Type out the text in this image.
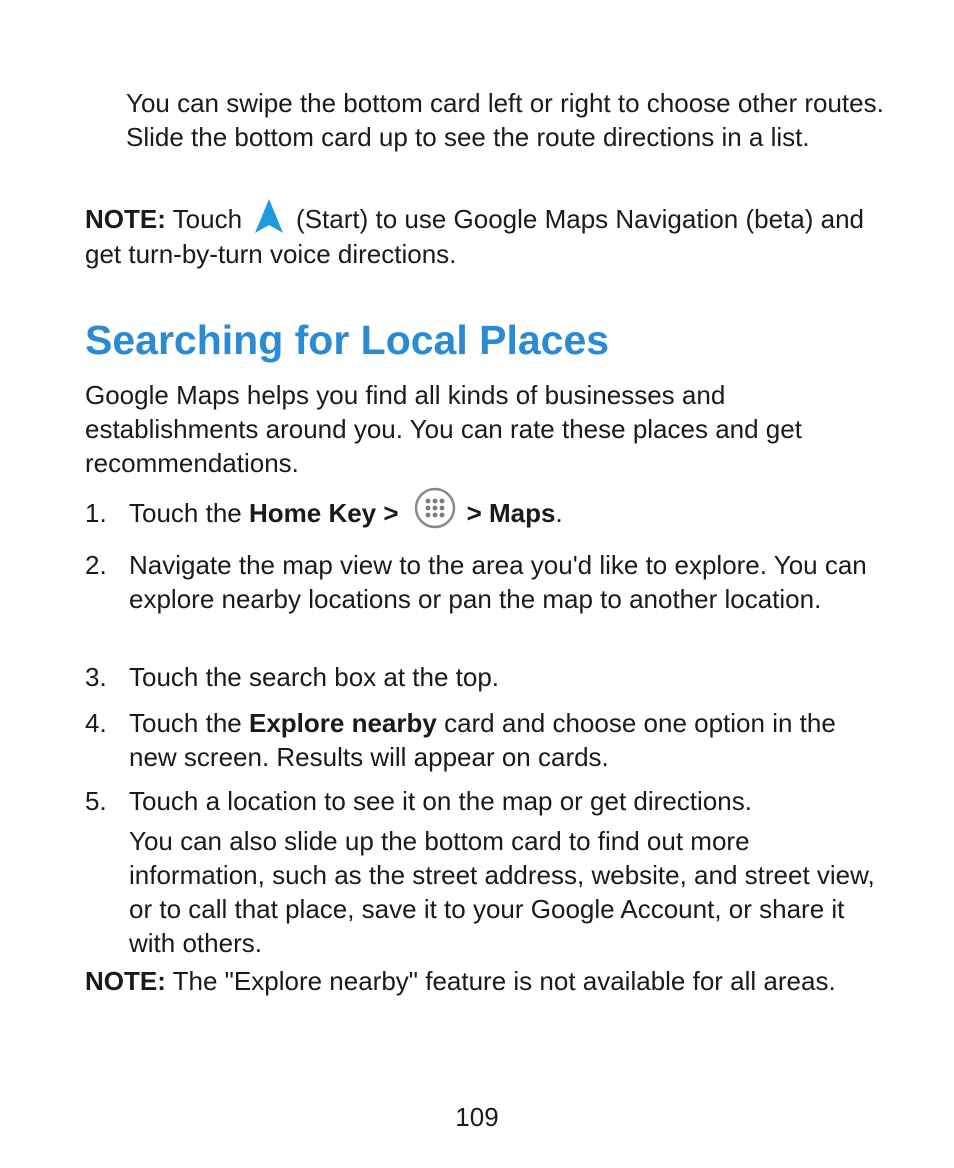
You can swipe the bottom card left or right to choose other routes. Slide the bottom card up to see the route directions in a list.

NOTE: Touch (Start) to use Google Maps Navigation (beta) and get turn-by-turn voice directions.

Searching for Local Places

Google Maps helps you find all kinds of businesses and establishments around you. You can rate these places and get recommendations.

1. Touch the Home Key >	> Maps.
2. Navigate the map view to the area you'd like to explore. You can explore nearby locations or pan the map to another location.
3. Touch the search box at the top.
4. Touch the Explore nearby card and choose one option in the new screen. Results will appear on cards.
5. Touch a location to see it on the map or get directions.

You can also slide up the bottom card to find out more information, such as the street address, website, and street view, or to call that place, save it to your Google Account, or share it with others.

NOTE: The "Explore nearby" feature is not available for all areas.

109
